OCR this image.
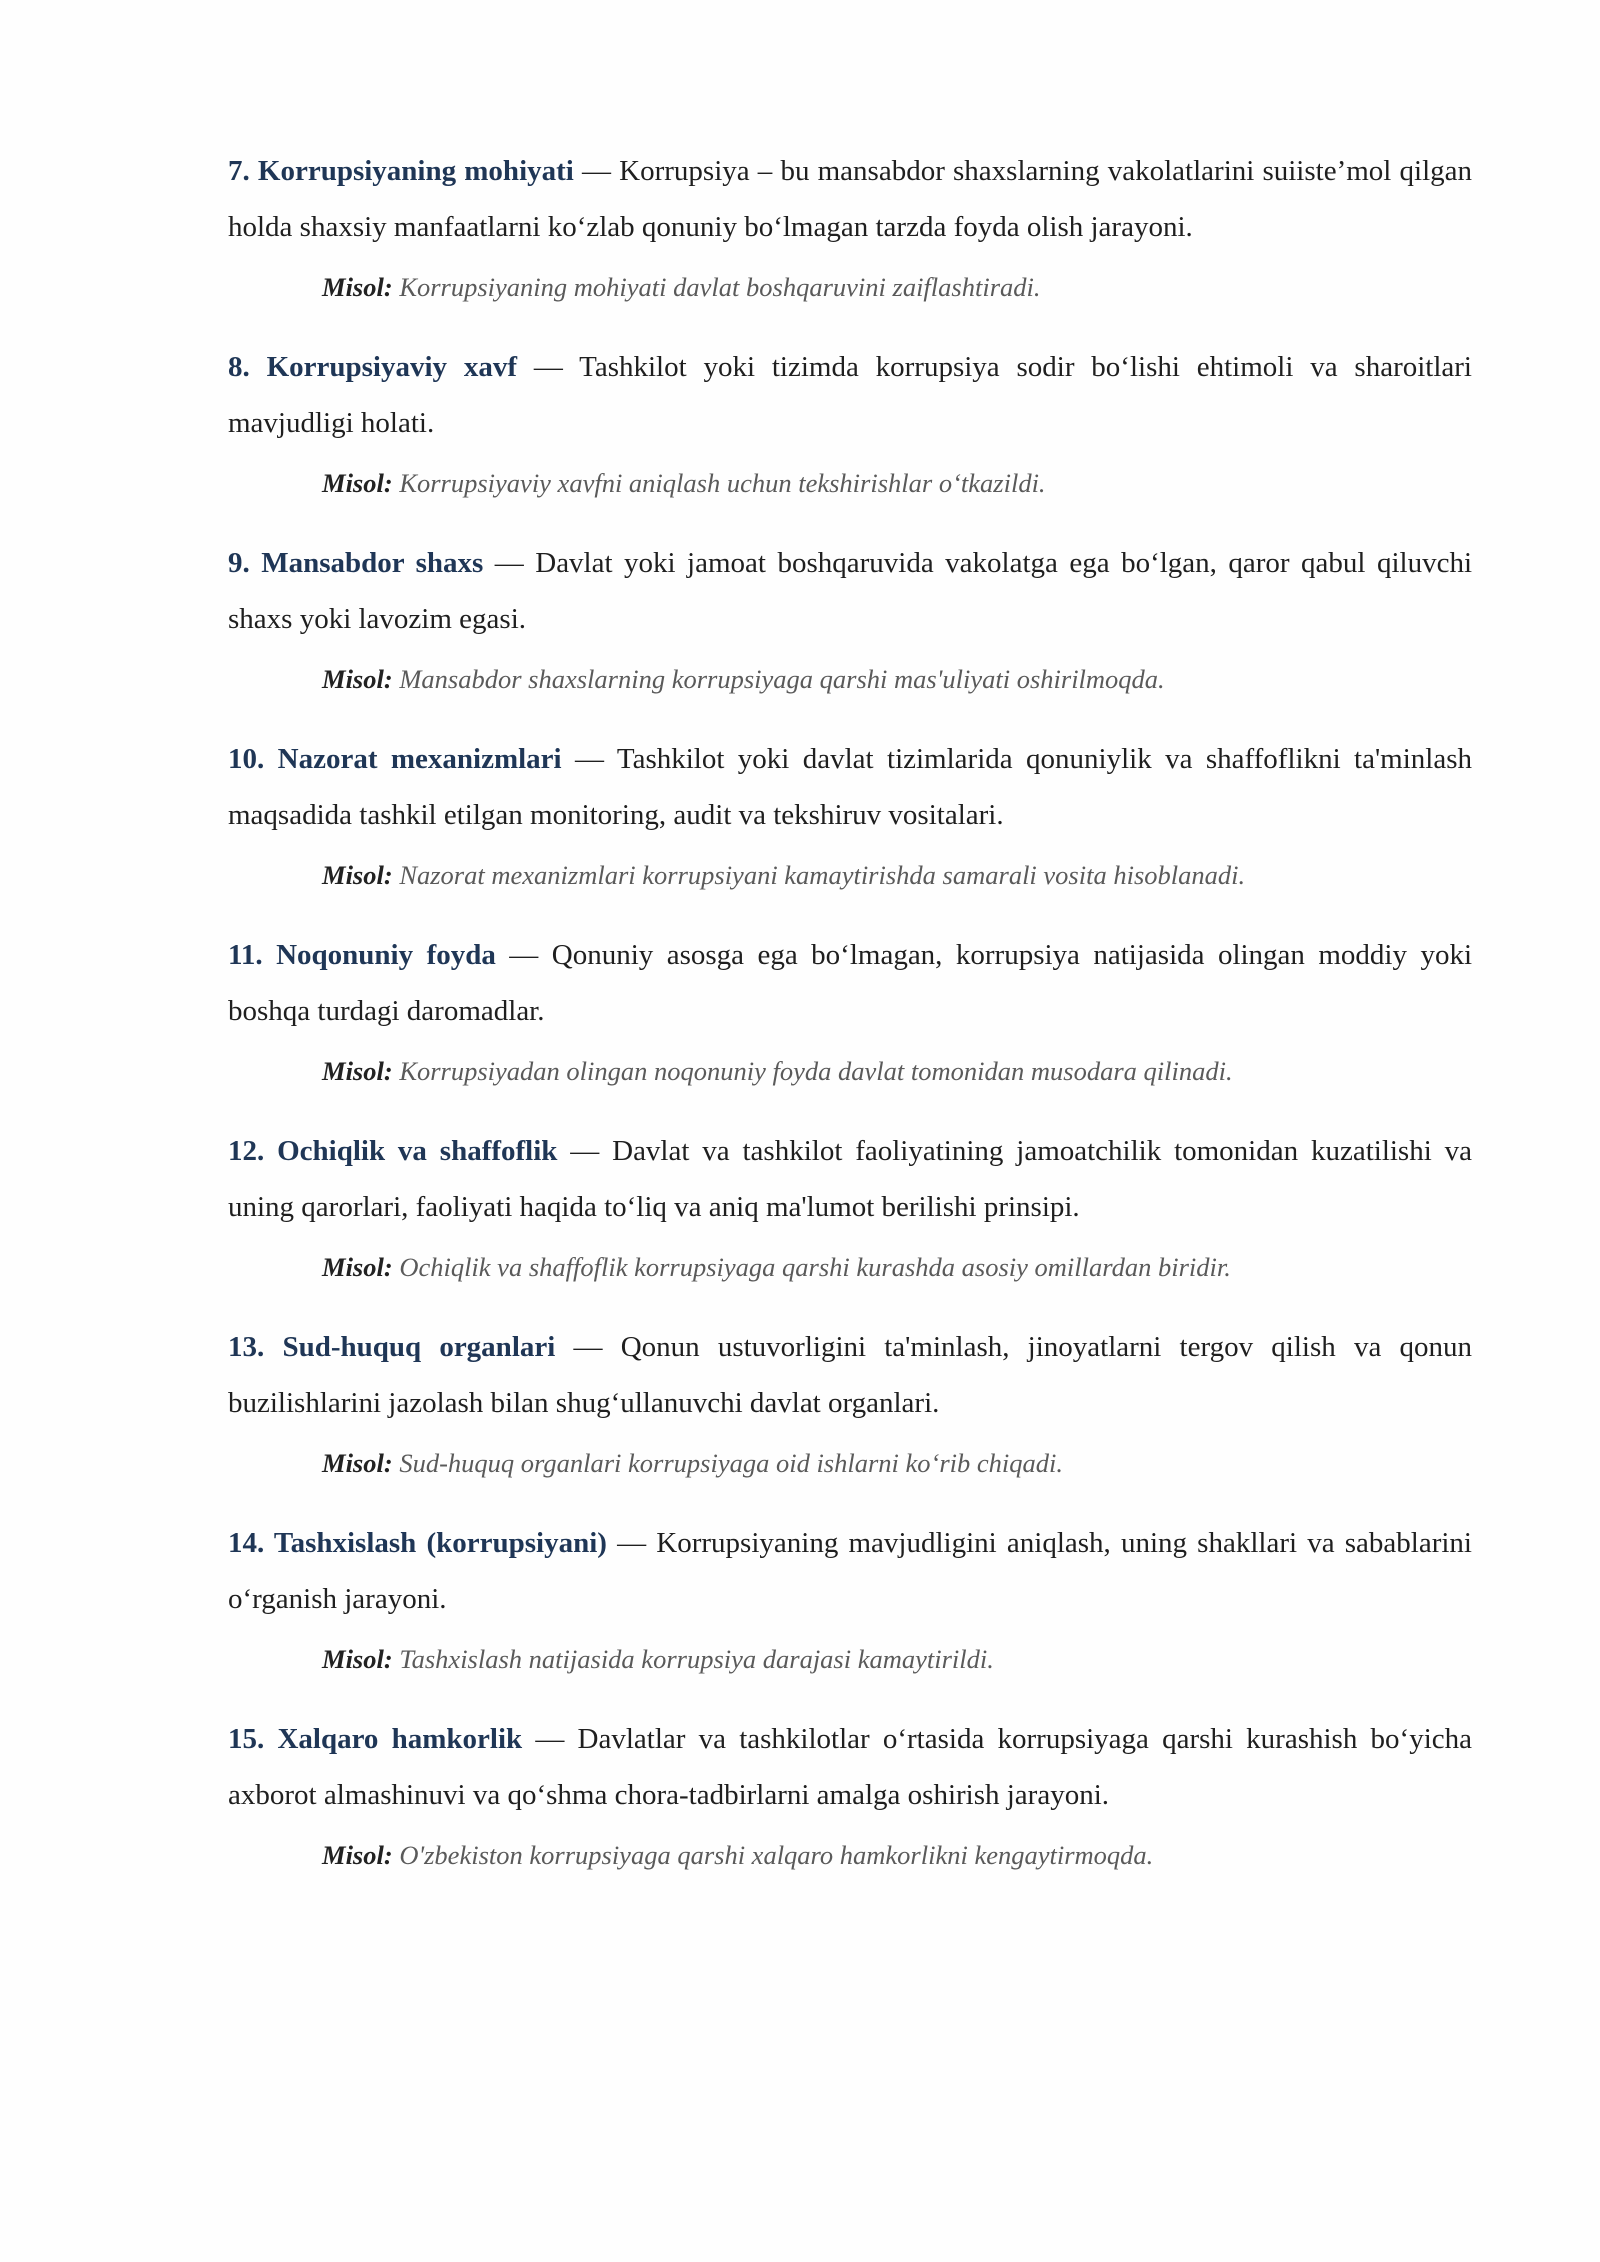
7. Korrupsiyaning mohiyati — Korrupsiya – bu mansabdor shaxslarning vakolatlarini suiiste’mol qilgan holda shaxsiy manfaatlarni ko‘zlab qonuniy bo‘lmagan tarzda foyda olish jarayoni.

Misol: Korrupsiyaning mohiyati davlat boshqaruvini zaiflashtiradi.

8. Korrupsiyaviy xavf — Tashkilot yoki tizimda korrupsiya sodir bo‘lishi ehtimoli va sharoitlari mavjudligi holati.

Misol: Korrupsiyaviy xavfni aniqlash uchun tekshirishlar o‘tkazildi.

9. Mansabdor shaxs — Davlat yoki jamoat boshqaruvida vakolatga ega bo‘lgan, qaror qabul qiluvchi shaxs yoki lavozim egasi.

Misol: Mansabdor shaxslarning korrupsiyaga qarshi mas'uliyati oshirilmoqda.

10. Nazorat mexanizmlari — Tashkilot yoki davlat tizimlarida qonuniylik va shaffoflikni ta'minlash maqsadida tashkil etilgan monitoring, audit va tekshiruv vositalari.

Misol: Nazorat mexanizmlari korrupsiyani kamaytirishda samarali vosita hisoblanadi.

11. Noqonuniy foyda — Qonuniy asosga ega bo‘lmagan, korrupsiya natijasida olingan moddiy yoki boshqa turdagi daromadlar.

Misol: Korrupsiyadan olingan noqonuniy foyda davlat tomonidan musodara qilinadi.

12. Ochiqlik va shaffoflik — Davlat va tashkilot faoliyatining jamoatchilik tomonidan kuzatilishi va uning qarorlari, faoliyati haqida to‘liq va aniq ma'lumot berilishi prinsipi.

Misol: Ochiqlik va shaffoflik korrupsiyaga qarshi kurashda asosiy omillardan biridir.

13. Sud-huquq organlari — Qonun ustuvorligini ta'minlash, jinoyatlarni tergov qilish va qonun buzilishlarini jazolash bilan shug‘ullanuvchi davlat organlari.

Misol: Sud-huquq organlari korrupsiyaga oid ishlarni ko‘rib chiqadi.

14. Tashxislash (korrupsiyani) — Korrupsiyaning mavjudligini aniqlash, uning shakllari va sabablarini o‘rganish jarayoni.

Misol: Tashxislash natijasida korrupsiya darajasi kamaytirildi.

15. Xalqaro hamkorlik — Davlatlar va tashkilotlar o‘rtasida korrupsiyaga qarshi kurashish bo‘yicha axborot almashinuvi va qo‘shma chora-tadbirlarni amalga oshirish jarayoni.

Misol: O'zbekiston korrupsiyaga qarshi xalqaro hamkorlikni kengaytirmoqda.
